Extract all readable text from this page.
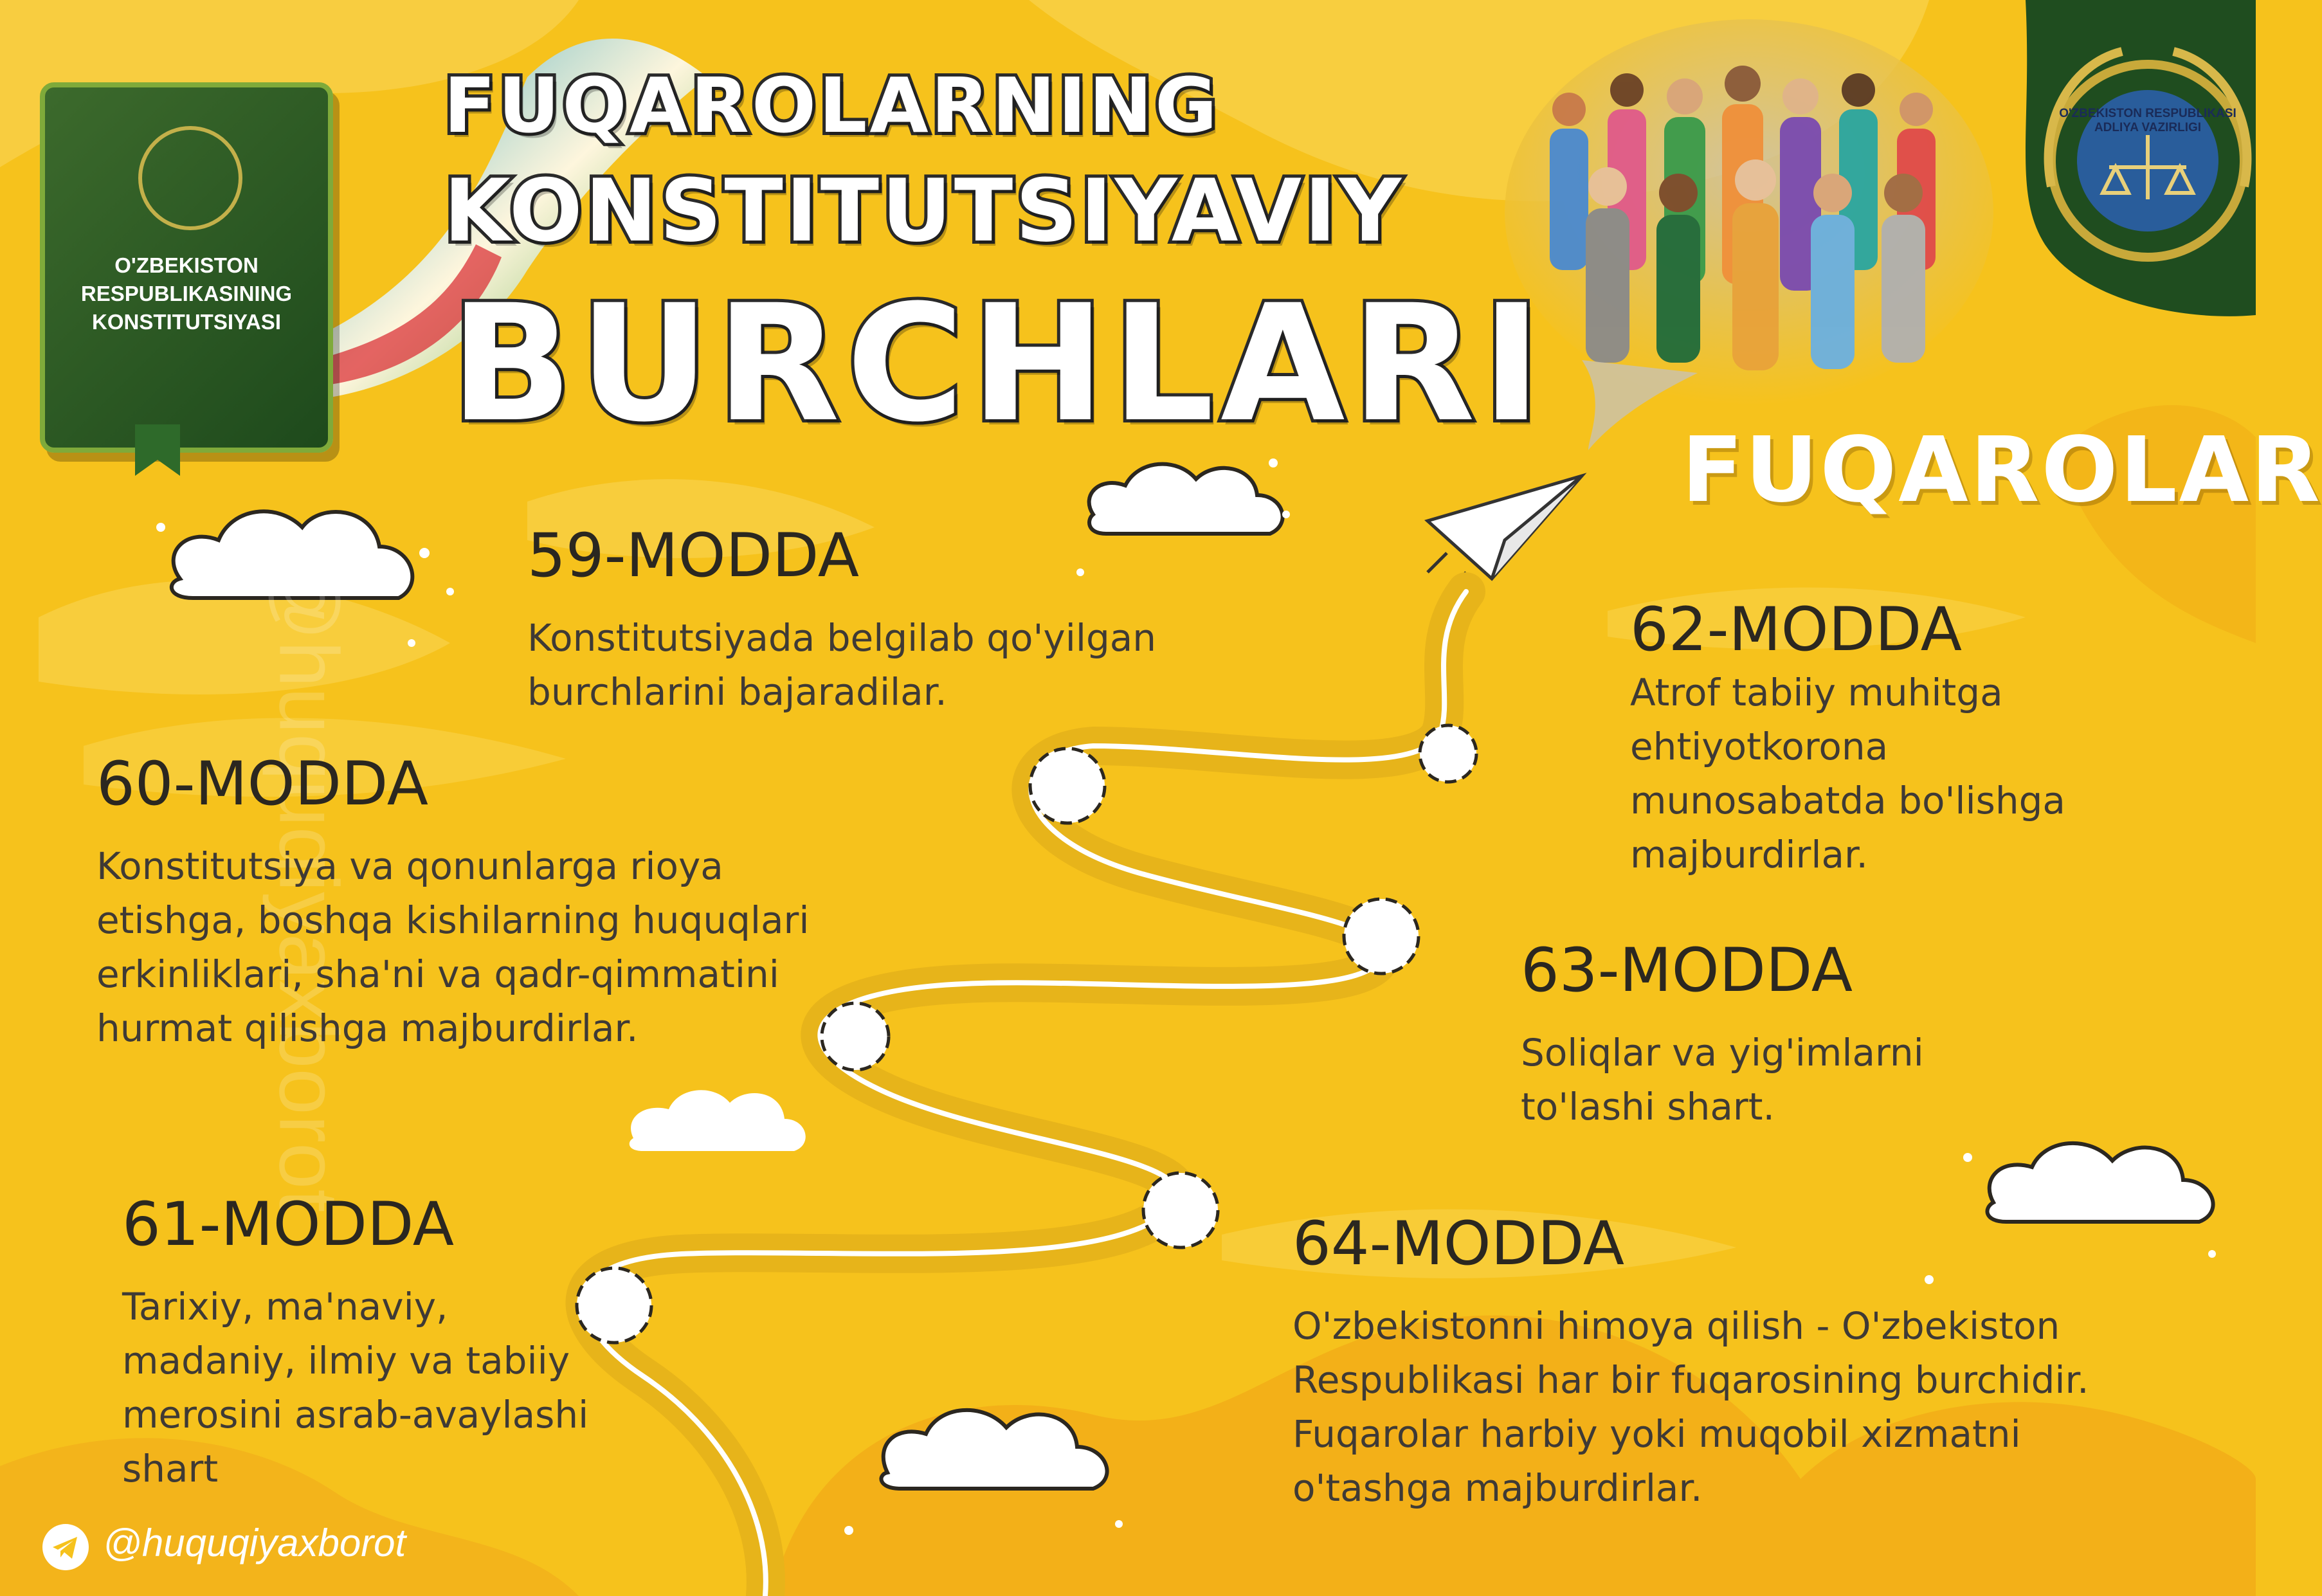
@huquqiyaxborot
O'ZBEKISTON
RESPUBLIKASINING
KONSTITUTSIYASI
O'ZBEKISTON RESPUBLIKASI
ADLIYA VAZIRLIGI
FUQAROLARNING
KONSTITUTSIYAVIY
BURCHLARI
FUQAROLAR
59-MODDA
Konstitutsiyada belgilab qo'yilgan
burchlarini bajaradilar.
60-MODDA
Konstitutsiya va qonunlarga rioya
etishga, boshqa kishilarning huquqlari
erkinliklari, sha'ni va qadr-qimmatini
hurmat qilishga majburdirlar.
61-MODDA
Tarixiy, ma'naviy,
madaniy, ilmiy va tabiiy
merosini asrab-avaylashi
shart
62-MODDA
Atrof tabiiy muhitga
ehtiyotkorona
munosabatda bo'lishga
majburdirlar.
63-MODDA
Soliqlar va yig'imlarni
to'lashi shart.
64-MODDA
O'zbekistonni himoya qilish - O'zbekiston
Respublikasi har bir fuqarosining burchidir.
Fuqarolar harbiy yoki muqobil xizmatni
o'tashga majburdirlar.
@huquqiyaxborot
